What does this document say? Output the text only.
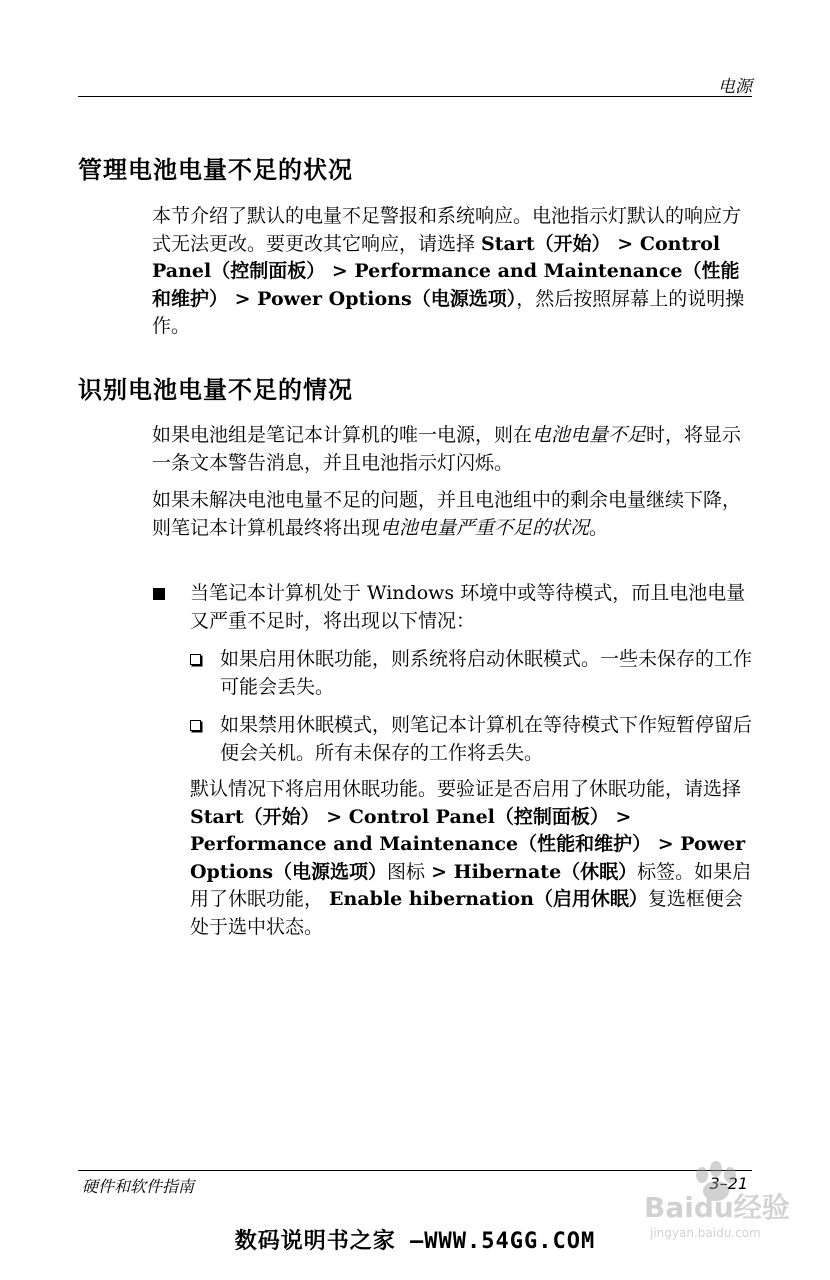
电源
管理电池电量不足的状况

本节介绍了默认的电量不足警报和系统响应。电池指示灯默认的响应方式无法更改。要更改其它响应，请选择 Start（开始） > Control Panel（控制面板） > Performance and Maintenance（性能和维护） > Power Options（电源选项），然后按照屏幕上的说明操作。

识别电池电量不足的情况

如果电池组是笔记本计算机的唯一电源，则在电池电量不足时，将显示一条文本警告消息，并且电池指示灯闪烁。

如果未解决电池电量不足的问题，并且电池组中的剩余电量继续下降，则笔记本计算机最终将出现电池电量严重不足的状况。

当笔记本计算机处于 Windows 环境中或等待模式，而且电池电量又严重不足时，将出现以下情况：

如果启用休眠功能，则系统将启动休眠模式。一些未保存的工作可能会丢失。

如果禁用休眠模式，则笔记本计算机在等待模式下作短暂停留后便会关机。所有未保存的工作将丢失。

默认情况下将启用休眠功能。要验证是否启用了休眠功能，请选择 Start（开始） > Control Panel（控制面板） > Performance and Maintenance（性能和维护） > Power Options（电源选项）图标 > Hibernate（休眠）标签。如果启用了休眠功能， Enable hibernation（启用休眠）复选框便会处于选中状态。

硬件和软件指南	3–21
Baidu经验
jingyan.baidu.com
数码说明书之家 —WWW.54GG.COM
